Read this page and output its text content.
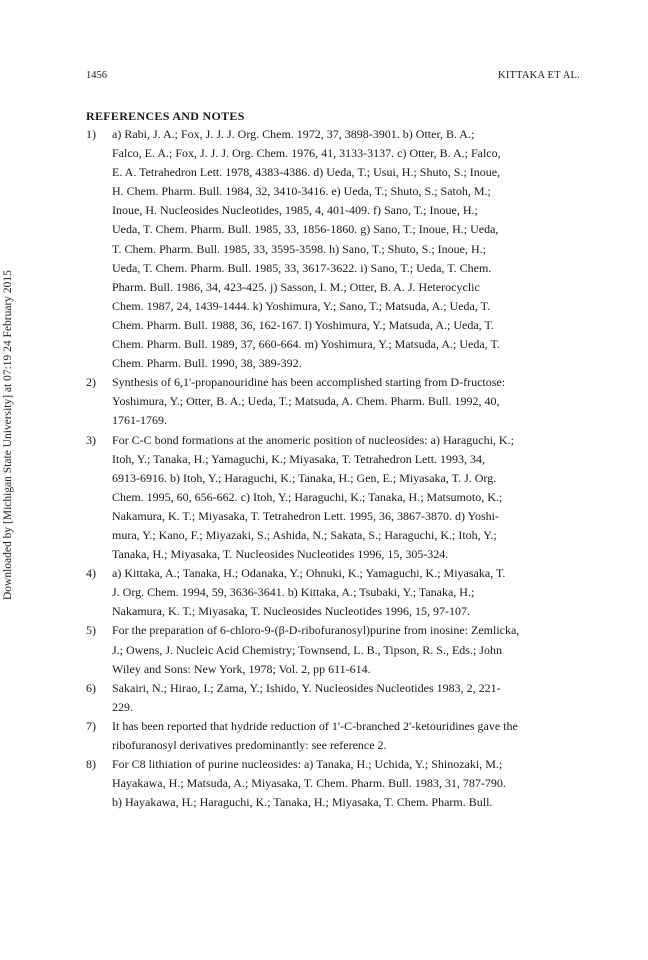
1456	KITTAKA ET AL.
Downloaded by [Michigan State University] at 07:19 24 February 2015
REFERENCES AND NOTES
1)	a) Rabi, J. A.; Fox, J. J. J. Org. Chem. 1972, 37, 3898-3901. b) Otter, B. A.;
Falco, E. A.; Fox, J. J. J. Org. Chem. 1976, 41, 3133-3137. c) Otter, B. A.; Falco,
E. A. Tetrahedron Lett. 1978, 4383-4386. d) Ueda, T.; Usui, H.; Shuto, S.; Inoue,
H. Chem. Pharm. Bull. 1984, 32, 3410-3416. e) Ueda, T.; Shuto, S.; Satoh, M.;
Inoue, H. Nucleosides Nucleotides, 1985, 4, 401-409. f) Sano, T.; Inoue, H.;
Ueda, T. Chem. Pharm. Bull. 1985, 33, 1856-1860. g) Sano, T.; Inoue, H.; Ueda,
T. Chem. Pharm. Bull. 1985, 33, 3595-3598. h) Sano, T.; Shuto, S.; Inoue, H.;
Ueda, T. Chem. Pharm. Bull. 1985, 33, 3617-3622. i) Sano, T.; Ueda, T. Chem.
Pharm. Bull. 1986, 34, 423-425. j) Sasson, I. M.; Otter, B. A. J. Heterocyclic
Chem. 1987, 24, 1439-1444. k) Yoshimura, Y.; Sano, T.; Matsuda, A.; Ueda, T.
Chem. Pharm. Bull. 1988, 36, 162-167. l) Yoshimura, Y.; Matsuda, A.; Ueda, T.
Chem. Pharm. Bull. 1989, 37, 660-664. m) Yoshimura, Y.; Matsuda, A.; Ueda, T.
Chem. Pharm. Bull. 1990, 38, 389-392.
2)	Synthesis of 6,1'-propanouridine has been accomplished starting from D-fructose:
Yoshimura, Y.; Otter, B. A.; Ueda, T.; Matsuda, A. Chem. Pharm. Bull. 1992, 40,
1761-1769.
3)	For C-C bond formations at the anomeric position of nucleosides: a) Haraguchi, K.;
Itoh, Y.; Tanaka, H.; Yamaguchi, K.; Miyasaka, T. Tetrahedron Lett. 1993, 34,
6913-6916. b) Itoh, Y.; Haraguchi, K.; Tanaka, H.; Gen, E.; Miyasaka, T. J. Org.
Chem. 1995, 60, 656-662. c) Itoh, Y.; Haraguchi, K.; Tanaka, H.; Matsumoto, K.;
Nakamura, K. T.; Miyasaka, T. Tetrahedron Lett. 1995, 36, 3867-3870. d) Yoshi-
mura, Y.; Kano, F.; Miyazaki, S.; Ashida, N.; Sakata, S.; Haraguchi, K.; Itoh, Y.;
Tanaka, H.; Miyasaka, T. Nucleosides Nucleotides 1996, 15, 305-324.
4)	a) Kittaka, A.; Tanaka, H.; Odanaka, Y.; Ohnuki, K.; Yamaguchi, K.; Miyasaka, T.
J. Org. Chem. 1994, 59, 3636-3641. b) Kittaka, A.; Tsubaki, Y.; Tanaka, H.;
Nakamura, K. T.; Miyasaka, T. Nucleosides Nucleotides 1996, 15, 97-107.
5)	For the preparation of 6-chloro-9-(β-D-ribofuranosyl)purine from inosine: Zemlicka,
J.; Owens, J. Nucleic Acid Chemistry; Townsend, L. B., Tipson, R. S., Eds.; John
Wiley and Sons: New York, 1978; Vol. 2, pp 611-614.
6)	Sakairi, N.; Hirao, I.; Zama, Y.; Ishido, Y. Nucleosides Nucleotides 1983, 2, 221-
229.
7)	It has been reported that hydride reduction of 1'-C-branched 2'-ketouridines gave the
ribofuranosyl derivatives predominantly: see reference 2.
8)	For C8 lithiation of purine nucleosides: a) Tanaka, H.; Uchida, Y.; Shinozaki, M.;
Hayakawa, H.; Matsuda, A.; Miyasaka, T. Chem. Pharm. Bull. 1983, 31, 787-790.
b) Hayakawa, H.; Haraguchi, K.; Tanaka, H.; Miyasaka, T. Chem. Pharm. Bull.
